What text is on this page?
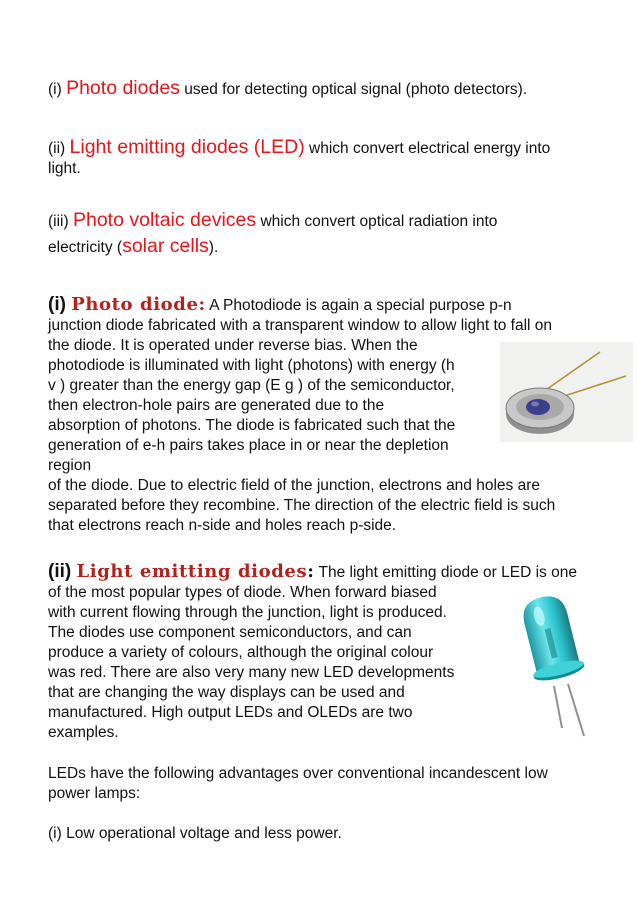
(i) Photo diodes used for detecting optical signal (photo detectors).
(ii) Light emitting diodes (LED) which convert electrical energy into
light.
(iii) Photo voltaic devices which convert optical radiation into
electricity (solar cells).
(i) Photo diode: A Photodiode is again a special purpose p-n
junction diode fabricated with a transparent window to allow light to fall on
the diode. It is operated under reverse bias. When the
photodiode is illuminated with light (photons) with energy (h
v ) greater than the energy gap (E g ) of the semiconductor,
then electron-hole pairs are generated due to the
absorption of photons. The diode is fabricated such that the
generation of e-h pairs takes place in or near the depletion
region
of the diode. Due to electric field of the junction, electrons and holes are
separated before they recombine. The direction of the electric field is such
that electrons reach n-side and holes reach p-side.
(ii) Light emitting diodes: The light emitting diode or LED is one
of the most popular types of diode. When forward biased
with current flowing through the junction, light is produced.
The diodes use component semiconductors, and can
produce a variety of colours, although the original colour
was red. There are also very many new LED developments
that are changing the way displays can be used and
manufactured. High output LEDs and OLEDs are two
examples.
LEDs have the following advantages over conventional incandescent low
power lamps:
(i) Low operational voltage and less power.
